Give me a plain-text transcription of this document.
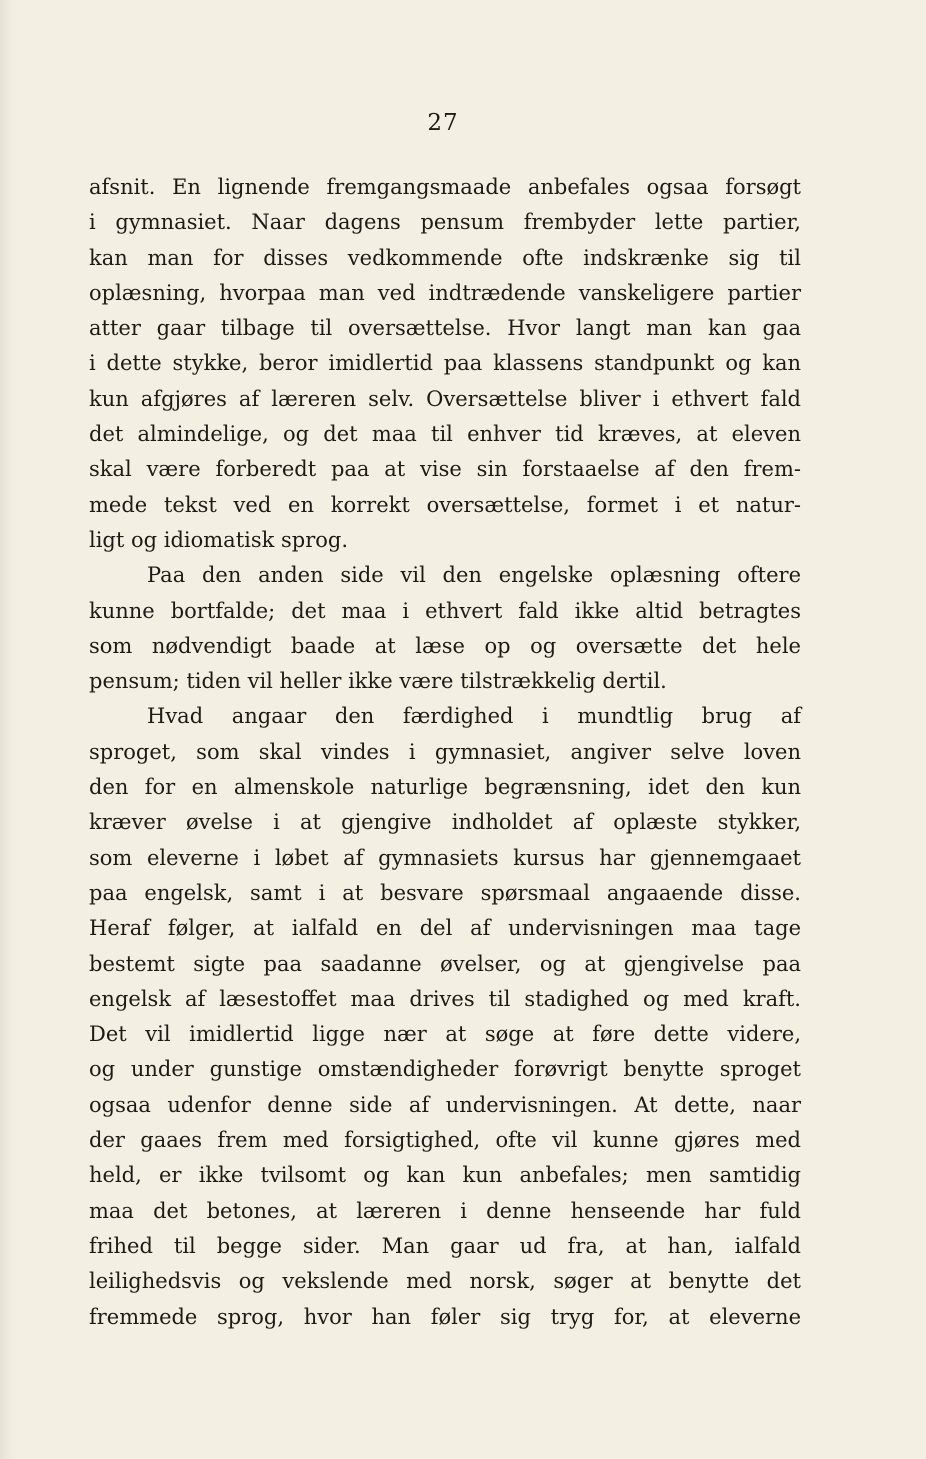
27
afsnit. En lignende fremgangsmaade anbefales ogsaa forsøgt
i gymnasiet. Naar dagens pensum frembyder lette partier,
kan man for disses vedkommende ofte indskrænke sig til
oplæsning, hvorpaa man ved indtrædende vanskeligere partier
atter gaar tilbage til oversættelse. Hvor langt man kan gaa
i dette stykke, beror imidlertid paa klassens standpunkt og kan
kun afgjøres af læreren selv. Oversættelse bliver i ethvert fald
det almindelige, og det maa til enhver tid kræves, at eleven
skal være forberedt paa at vise sin forstaaelse af den frem-
mede tekst ved en korrekt oversættelse, formet i et natur-
ligt og idiomatisk sprog.
Paa den anden side vil den engelske oplæsning oftere
kunne bortfalde; det maa i ethvert fald ikke altid betragtes
som nødvendigt baade at læse op og oversætte det hele
pensum; tiden vil heller ikke være tilstrækkelig dertil.
Hvad angaar den færdighed i mundtlig brug af
sproget, som skal vindes i gymnasiet, angiver selve loven
den for en almenskole naturlige begrænsning, idet den kun
kræver øvelse i at gjengive indholdet af oplæste stykker,
som eleverne i løbet af gymnasiets kursus har gjennemgaaet
paa engelsk, samt i at besvare spørsmaal angaaende disse.
Heraf følger, at ialfald en del af undervisningen maa tage
bestemt sigte paa saadanne øvelser, og at gjengivelse paa
engelsk af læsestoffet maa drives til stadighed og med kraft.
Det vil imidlertid ligge nær at søge at føre dette videre,
og under gunstige omstændigheder forøvrigt benytte sproget
ogsaa udenfor denne side af undervisningen. At dette, naar
der gaaes frem med forsigtighed, ofte vil kunne gjøres med
held, er ikke tvilsomt og kan kun anbefales; men samtidig
maa det betones, at læreren i denne henseende har fuld
frihed til begge sider. Man gaar ud fra, at han, ialfald
leilighedsvis og vekslende med norsk, søger at benytte det
fremmede sprog, hvor han føler sig tryg for, at eleverne
